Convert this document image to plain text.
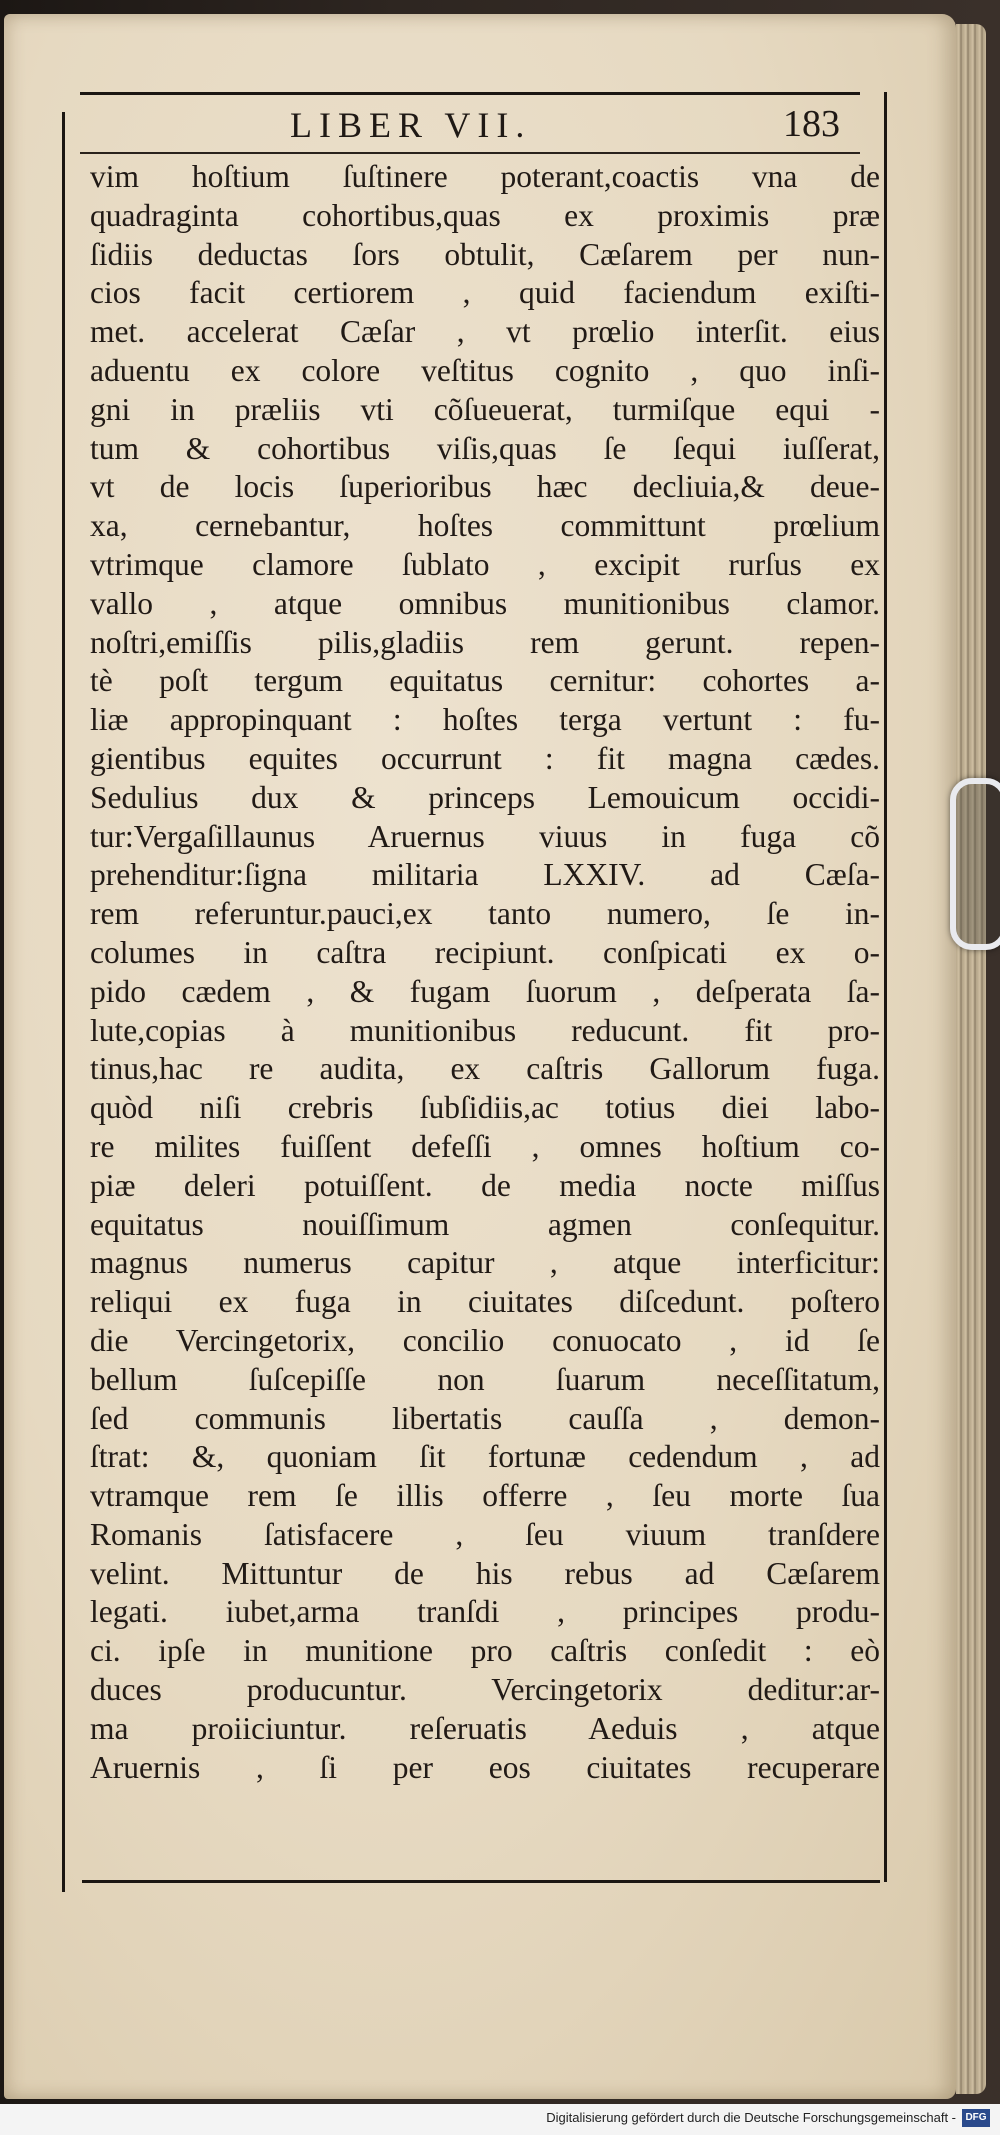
LIBER VII.	183
vim hoſtium ſuſtinere poterant,coactis vna de
quadraginta cohortibus,quas ex proximis præ
ſidiis deductas ſors obtulit, Cæſarem per nun-
cios facit certiorem , quid faciendum exiſti-
met. accelerat Cæſar , vt prœlio interſit. eius
aduentu ex colore veſtitus cognito , quo inſi-
gni in præliis vti cõſueuerat, turmiſque equi -
tum & cohortibus viſis,quas ſe ſequi iuſſerat,
vt de locis ſuperioribus hæc decliuia,& deue-
xa, cernebantur, hoſtes committunt prœlium
vtrimque clamore ſublato , excipit rurſus ex
vallo , atque omnibus munitionibus clamor.
noſtri,emiſſis pilis,gladiis rem gerunt. repen-
tè poſt tergum equitatus cernitur: cohortes a-
liæ appropinquant : hoſtes terga vertunt : fu-
gientibus equites occurrunt : fit magna cædes.
Sedulius dux & princeps Lemouicum occidi-
tur:Vergaſillaunus Aruernus viuus in fuga cõ
prehenditur:ſigna militaria LXXIV. ad Cæſa-
rem referuntur.pauci,ex tanto numero, ſe in-
columes in caſtra recipiunt. conſpicati ex o-
pido cædem , & fugam ſuorum , deſperata ſa-
lute,copias à munitionibus reducunt. fit pro-
tinus,hac re audita, ex caſtris Gallorum fuga.
quòd niſi crebris ſubſidiis,ac totius diei labo-
re milites fuiſſent defeſſi , omnes hoſtium co-
piæ deleri potuiſſent. de media nocte miſſus
equitatus nouiſſimum agmen conſequitur.
magnus numerus capitur , atque interficitur:
reliqui ex fuga in ciuitates diſcedunt. poſtero
die Vercingetorix, concilio conuocato , id ſe
bellum ſuſcepiſſe non ſuarum neceſſitatum,
ſed communis libertatis cauſſa , demon-
ſtrat: &, quoniam ſit fortunæ cedendum , ad
vtramque rem ſe illis offerre , ſeu morte ſua
Romanis ſatisfacere , ſeu viuum tranſdere
velint. Mittuntur de his rebus ad Cæſarem
legati. iubet,arma tranſdi , principes produ-
ci. ipſe in munitione pro caſtris conſedit : eò
duces producuntur. Vercingetorix deditur:ar-
ma proiiciuntur. reſeruatis Aeduis , atque
Aruernis , ſi per eos ciuitates recuperare
Digitalisierung gefördert durch die Deutsche Forschungsgemeinschaft - DFG
